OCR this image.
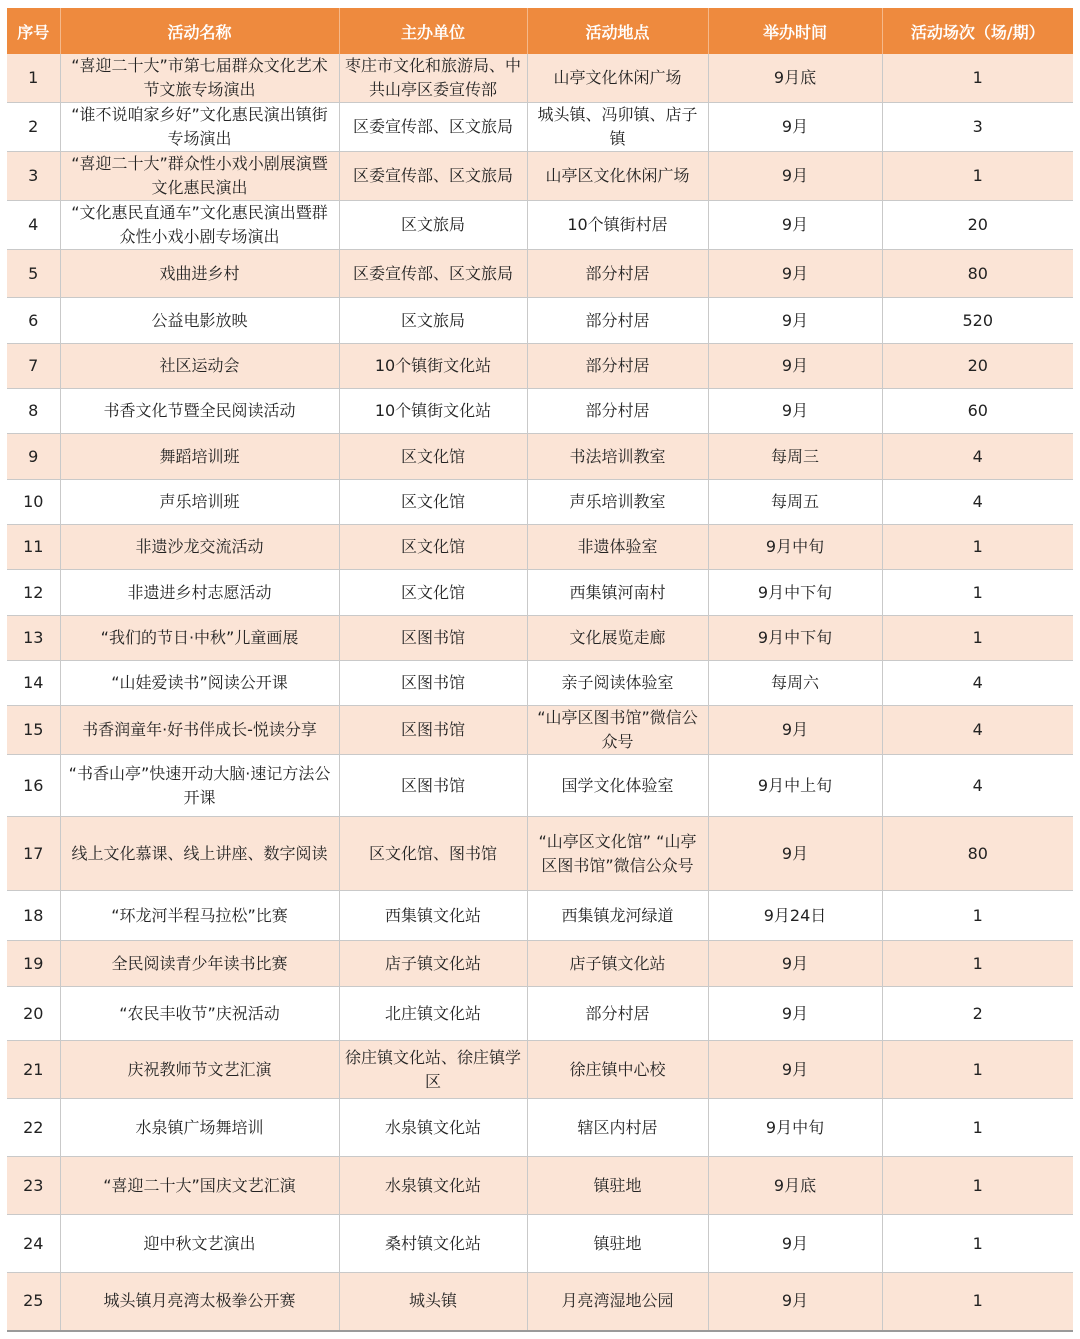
序号	活动名称	主办单位	活动地点	举办时间	活动场次（场/期）
1	“喜迎二十大”市第七届群众文化艺术节文旅专场演出	枣庄市文化和旅游局、中共山亭区委宣传部	山亭文化休闲广场	9月底	1
2	“谁不说咱家乡好”文化惠民演出镇街专场演出	区委宣传部、区文旅局	城头镇、冯卯镇、店子镇	9月	3
3	“喜迎二十大”群众性小戏小剧展演暨文化惠民演出	区委宣传部、区文旅局	山亭区文化休闲广场	9月	1
4	“文化惠民直通车”文化惠民演出暨群众性小戏小剧专场演出	区文旅局	10个镇街村居	9月	20
5	戏曲进乡村	区委宣传部、区文旅局	部分村居	9月	80
6	公益电影放映	区文旅局	部分村居	9月	520
7	社区运动会	10个镇街文化站	部分村居	9月	20
8	书香文化节暨全民阅读活动	10个镇街文化站	部分村居	9月	60
9	舞蹈培训班	区文化馆	书法培训教室	每周三	4
10	声乐培训班	区文化馆	声乐培训教室	每周五	4
11	非遗沙龙交流活动	区文化馆	非遗体验室	9月中旬	1
12	非遗进乡村志愿活动	区文化馆	西集镇河南村	9月中下旬	1
13	“我们的节日·中秋”儿童画展	区图书馆	文化展览走廊	9月中下旬	1
14	“山娃爱读书”阅读公开课	区图书馆	亲子阅读体验室	每周六	4
15	书香润童年·好书伴成长-悦读分享	区图书馆	“山亭区图书馆”微信公众号	9月	4
16	“书香山亭”快速开动大脑·速记方法公开课	区图书馆	国学文化体验室	9月中上旬	4
17	线上文化慕课、线上讲座、数字阅读	区文化馆、图书馆	“山亭区文化馆” “山亭区图书馆”微信公众号	9月	80
18	“环龙河半程马拉松”比赛	西集镇文化站	西集镇龙河绿道	9月24日	1
19	全民阅读青少年读书比赛	店子镇文化站	店子镇文化站	9月	1
20	“农民丰收节”庆祝活动	北庄镇文化站	部分村居	9月	2
21	庆祝教师节文艺汇演	徐庄镇文化站、徐庄镇学区	徐庄镇中心校	9月	1
22	水泉镇广场舞培训	水泉镇文化站	辖区内村居	9月中旬	1
23	“喜迎二十大”国庆文艺汇演	水泉镇文化站	镇驻地	9月底	1
24	迎中秋文艺演出	桑村镇文化站	镇驻地	9月	1
25	城头镇月亮湾太极拳公开赛	城头镇	月亮湾湿地公园	9月	1
